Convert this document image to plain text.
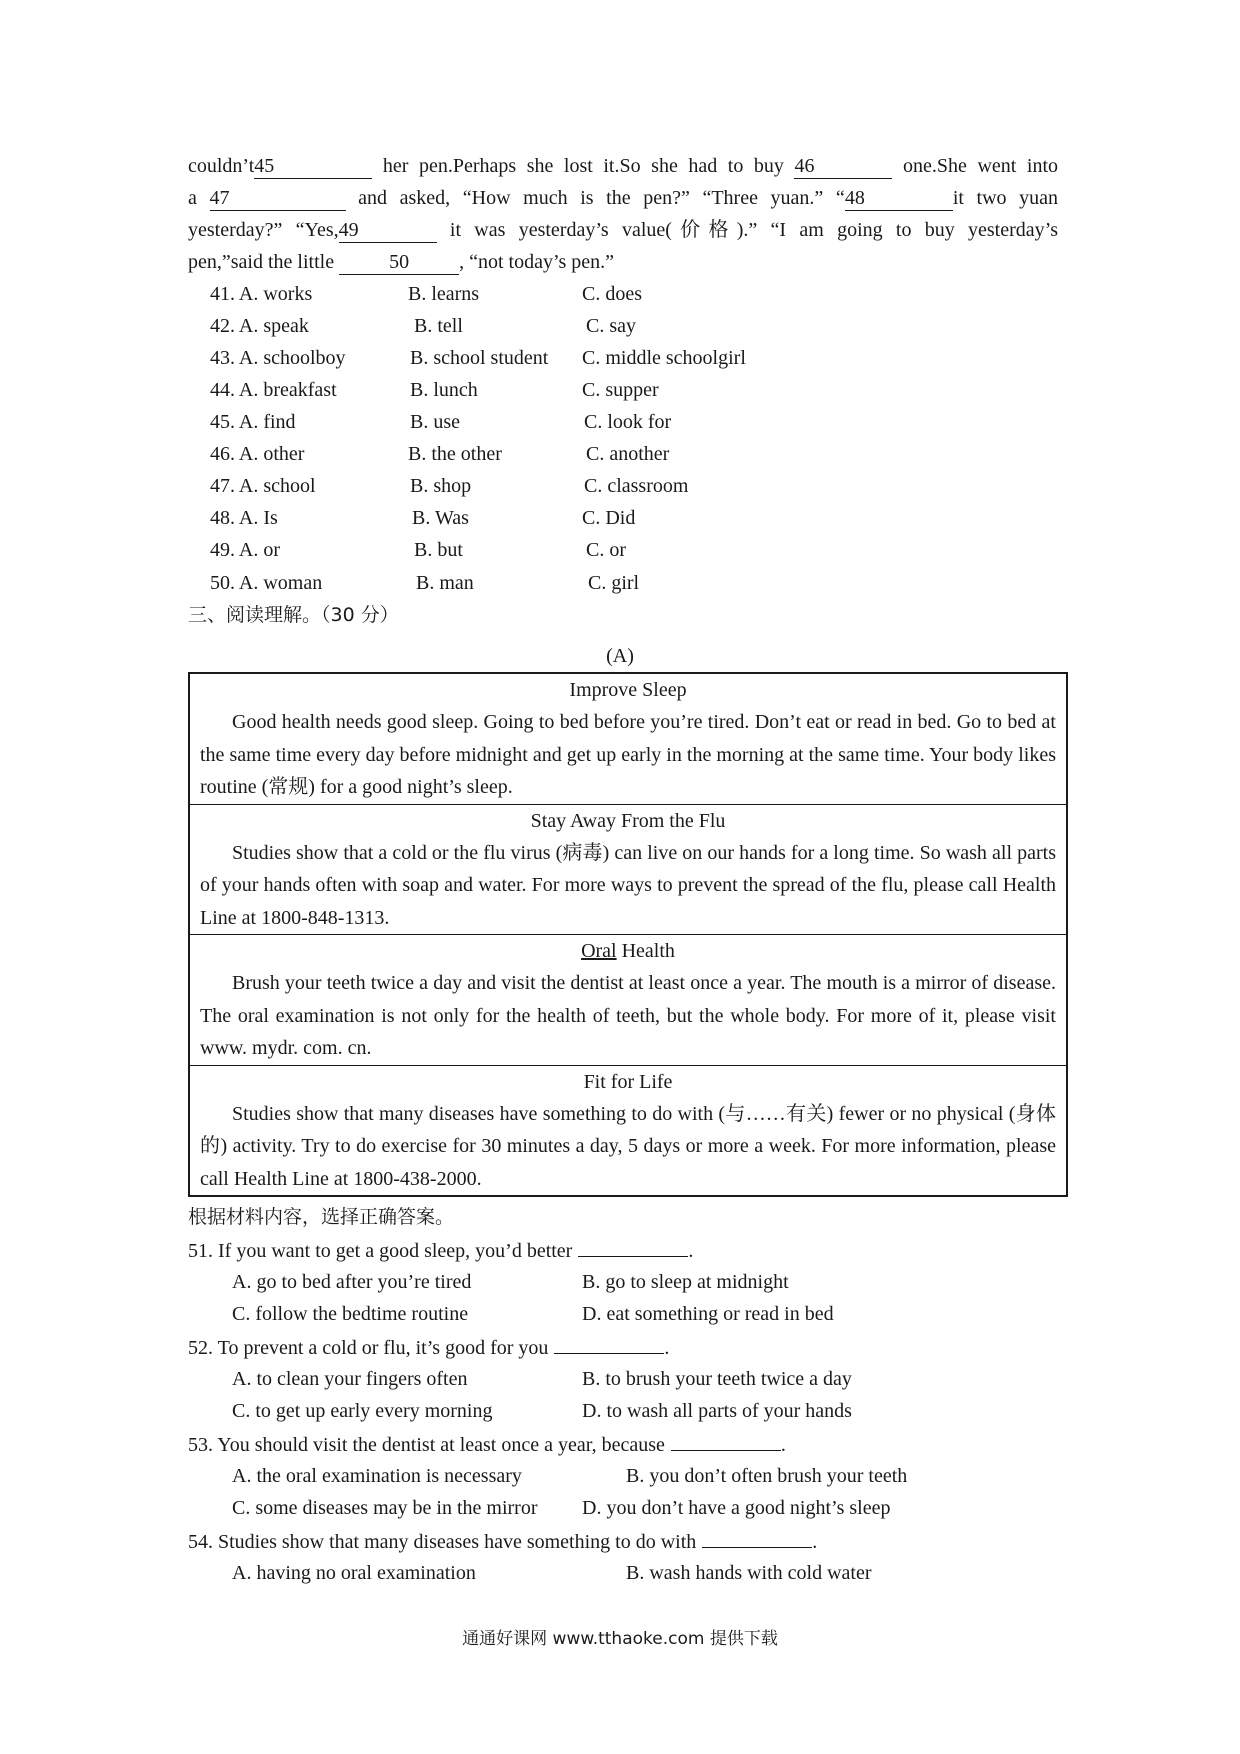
couldn’t45	her pen.Perhaps she lost it.So she had to buy 46	one.She went into
a 47	and asked, “How much is the pen?” “Three yuan.” “48	it two yuan
yesterday?” “Yes,49	it was yesterday’s value(价格).” “I am going to buy yesterday’s
pen,”said the little	50	, “not today’s pen.”
41. A. works	B. learns	C. does
42. A. speak	B. tell	C. say
43. A. schoolboy	B. school student C. middle schoolgirl
44. A. breakfast	B. lunch	C. supper
45. A. find	B. use	C. look for
46. A. other	B. the other	C. another
47. A. school	B. shop	C. classroom
48. A. Is	B. Was	C. Did
49. A. or	B. but	C. or
50. A. woman	B. man	C. girl
三、阅读理解。（30 分）
(A)
Improve Sleep
Good health needs good sleep. Going to bed before you’re tired. Don’t eat or read in bed. Go to bed at the same time every day before midnight and get up early in the morning at the same time. Your body likes routine (常规) for a good night’s sleep.
Stay Away From the Flu
Studies show that a cold or the flu virus (病毒) can live on our hands for a long time. So wash all parts of your hands often with soap and water. For more ways to prevent the spread of the flu, please call Health Line at 1800-848-1313.
Oral Health
Brush your teeth twice a day and visit the dentist at least once a year. The mouth is a mirror of disease. The oral examination is not only for the health of teeth, but the whole body. For more of it, please visit www. mydr. com. cn.
Fit for Life
Studies show that many diseases have something to do with (与……有关) fewer or no physical (身体的) activity. Try to do exercise for 30 minutes a day, 5 days or more a week. For more information, please call Health Line at 1800-438-2000.
根据材料内容，选择正确答案。
51. If you want to get a good sleep, you’d better	.
A. go to bed after you’re tired	B. go to sleep at midnight
C. follow the bedtime routine	D. eat something or read in bed
52. To prevent a cold or flu, it’s good for you	.
A. to clean your fingers often	B. to brush your teeth twice a day
C. to get up early every morning	D. to wash all parts of your hands
53. You should visit the dentist at least once a year, because	.
A. the oral examination is necessary	B. you don’t often brush your teeth
C. some diseases may be in the mirror D. you don’t have a good night’s sleep
54. Studies show that many diseases have something to do with	.
A. having no oral examination	B. wash hands with cold water
通通好课网 www.tthaoke.com 提供下载
